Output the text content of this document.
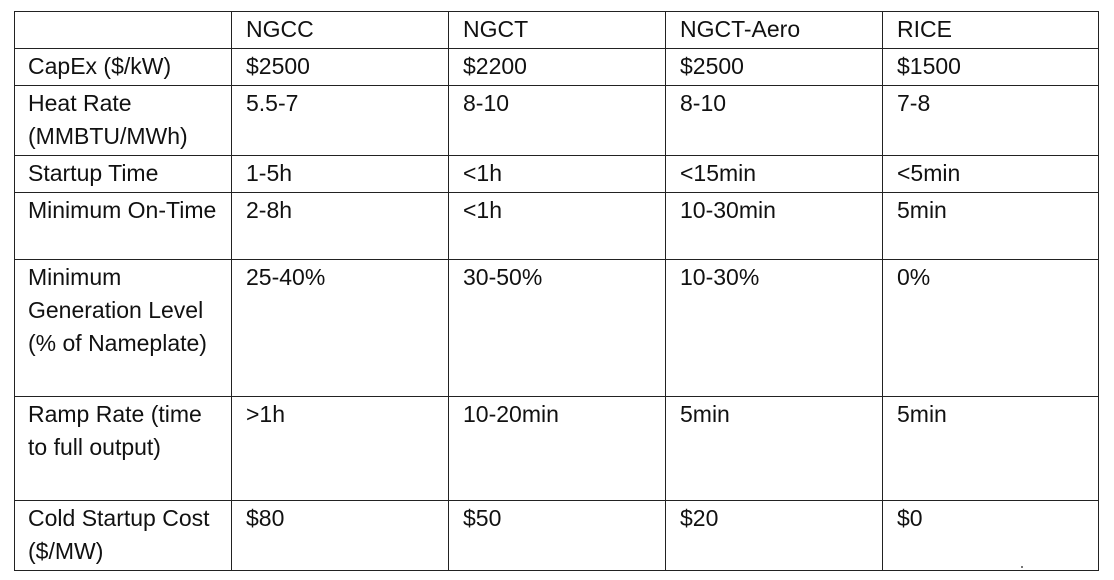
	NGCC	NGCT	NGCT-Aero	RICE
CapEx ($/kW)	$2500	$2200	$2500	$1500
Heat Rate (MMBTU/MWh)	5.5-7	8-10	8-10	7-8
Startup Time	1-5h	<1h	<15min	<5min
Minimum On-Time	2-8h	<1h	10-30min	5min
Minimum Generation Level (% of Nameplate)	25-40%	30-50%	10-30%	0%
Ramp Rate (time to full output)	>1h	10-20min	5min	5min
Cold Startup Cost ($/MW)	$80	$50	$20	$0
